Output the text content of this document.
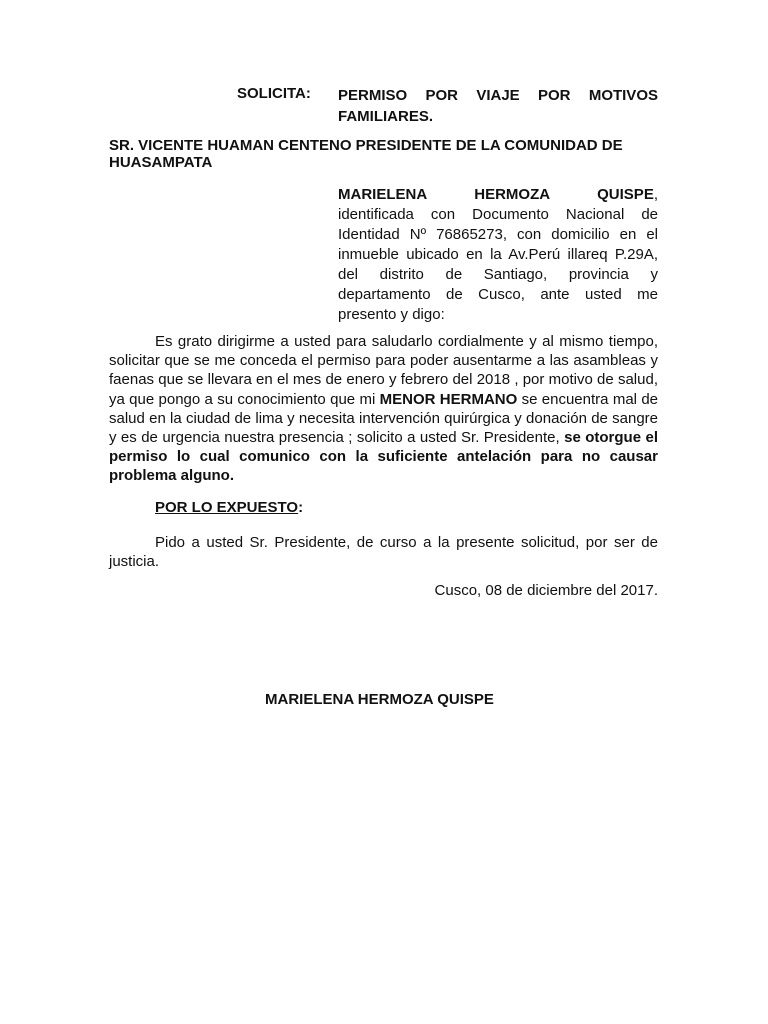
SOLICITA: PERMISO POR VIAJE POR MOTIVOS
FAMILIARES.
SR. VICENTE HUAMAN CENTENO PRESIDENTE DE LA COMUNIDAD DE HUASAMPATA
MARIELENA HERMOZA QUISPE,
identificada con Documento Nacional de Identidad Nº 76865273, con domicilio en el inmueble ubicado en la Av.Perú illareq P.29A, del distrito de Santiago, provincia y departamento de Cusco, ante usted me presento y digo:
Es grato dirigirme a usted para saludarlo cordialmente y al mismo tiempo, solicitar que se me conceda el permiso para poder ausentarme a las asambleas y faenas que se llevara en el mes de enero y febrero del 2018 , por motivo de salud, ya que pongo a su conocimiento que mi MENOR HERMANO se encuentra mal de salud en la ciudad de lima y necesita intervención quirúrgica y donación de sangre y es de urgencia nuestra presencia ; solicito a usted Sr. Presidente, se otorgue el permiso lo cual comunico con la suficiente antelación para no causar problema alguno.
POR LO EXPUESTO:
Pido a usted Sr. Presidente, de curso a la presente solicitud, por ser de justicia.
Cusco, 08 de diciembre del 2017.
MARIELENA HERMOZA QUISPE
